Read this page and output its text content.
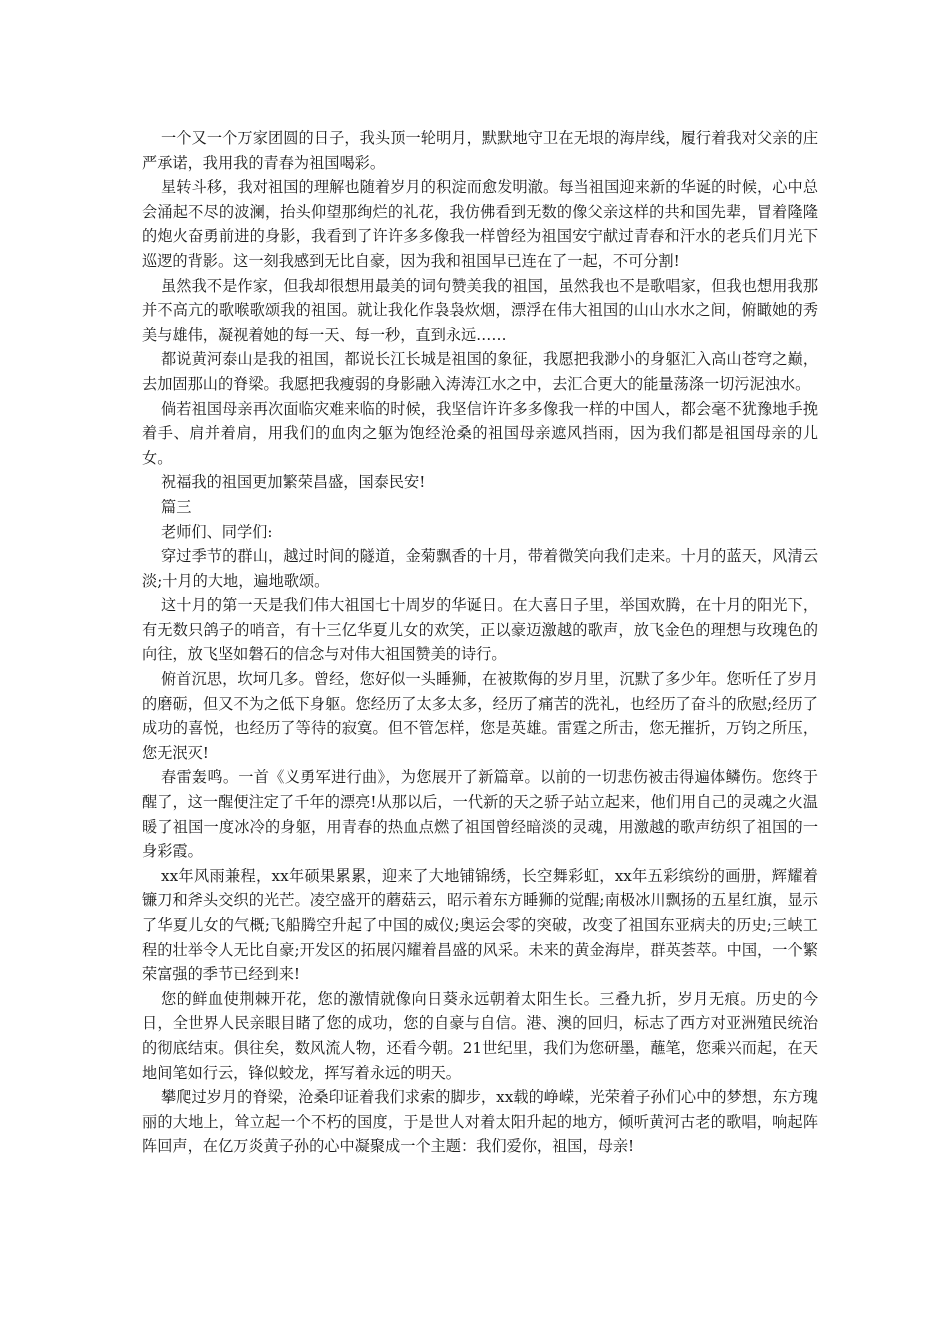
一个又一个万家团圆的日子，我头顶一轮明月，默默地守卫在无垠的海岸线，履行着我对父亲的庄严承诺，我用我的青春为祖国喝彩。

星转斗移，我对祖国的理解也随着岁月的积淀而愈发明澈。每当祖国迎来新的华诞的时候，心中总会涌起不尽的波澜，抬头仰望那绚烂的礼花，我仿佛看到无数的像父亲这样的共和国先辈，冒着隆隆的炮火奋勇前进的身影，我看到了许许多多像我一样曾经为祖国安宁献过青春和汗水的老兵们月光下巡逻的背影。这一刻我感到无比自豪，因为我和祖国早已连在了一起，不可分割!

虽然我不是作家，但我却很想用最美的词句赞美我的祖国，虽然我也不是歌唱家，但我也想用我那并不高亢的歌喉歌颂我的祖国。就让我化作袅袅炊烟，漂浮在伟大祖国的山山水水之间，俯瞰她的秀美与雄伟，凝视着她的每一天、每一秒，直到永远……

都说黄河泰山是我的祖国，都说长江长城是祖国的象征，我愿把我渺小的身躯汇入高山苍穹之巅，去加固那山的脊梁。我愿把我瘦弱的身影融入涛涛江水之中，去汇合更大的能量荡涤一切污泥浊水。

倘若祖国母亲再次面临灾难来临的时候，我坚信许许多多像我一样的中国人，都会毫不犹豫地手挽着手、肩并着肩，用我们的血肉之躯为饱经沧桑的祖国母亲遮风挡雨，因为我们都是祖国母亲的儿女。

祝福我的祖国更加繁荣昌盛，国泰民安!

篇三

老师们、同学们:

穿过季节的群山，越过时间的隧道，金菊飘香的十月，带着微笑向我们走来。十月的蓝天，风清云淡;十月的大地，遍地歌颂。

这十月的第一天是我们伟大祖国七十周岁的华诞日。在大喜日子里，举国欢腾，在十月的阳光下，有无数只鸽子的哨音，有十三亿华夏儿女的欢笑，正以豪迈激越的歌声，放飞金色的理想与玫瑰色的向往，放飞坚如磐石的信念与对伟大祖国赞美的诗行。

俯首沉思，坎坷几多。曾经，您好似一头睡狮，在被欺侮的岁月里，沉默了多少年。您听任了岁月的磨砺，但又不为之低下身躯。您经历了太多太多，经历了痛苦的洗礼，也经历了奋斗的欣慰;经历了成功的喜悦，也经历了等待的寂寞。但不管怎样，您是英雄。雷霆之所击，您无摧折，万钧之所压，您无泯灭!

春雷轰鸣。一首《义勇军进行曲》，为您展开了新篇章。以前的一切悲伤被击得遍体鳞伤。您终于醒了，这一醒便注定了千年的漂亮!从那以后，一代新的天之骄子站立起来，他们用自己的灵魂之火温暖了祖国一度冰冷的身躯，用青春的热血点燃了祖国曾经暗淡的灵魂，用激越的歌声纺织了祖国的一身彩霞。

xx年风雨兼程，xx年硕果累累，迎来了大地铺锦绣，长空舞彩虹，xx年五彩缤纷的画册，辉耀着镰刀和斧头交织的光芒。凌空盛开的蘑菇云，昭示着东方睡狮的觉醒;南极冰川飘扬的五星红旗，显示了华夏儿女的气概;飞船腾空升起了中国的威仪;奥运会零的突破，改变了祖国东亚病夫的历史;三峡工程的壮举令人无比自豪;开发区的拓展闪耀着昌盛的风采。未来的黄金海岸，群英荟萃。中国，一个繁荣富强的季节已经到来!

您的鲜血使荆棘开花，您的激情就像向日葵永远朝着太阳生长。三叠九折，岁月无痕。历史的今日，全世界人民亲眼目睹了您的成功，您的自豪与自信。港、澳的回归，标志了西方对亚洲殖民统治的彻底结束。俱往矣，数风流人物，还看今朝。21世纪里，我们为您研墨，蘸笔，您乘兴而起，在天地间笔如行云，锋似蛟龙，挥写着永远的明天。

攀爬过岁月的脊梁，沧桑印证着我们求索的脚步，xx载的峥嵘，光荣着子孙们心中的梦想，东方瑰丽的大地上，耸立起一个不朽的国度，于是世人对着太阳升起的地方，倾听黄河古老的歌唱，响起阵阵回声，在亿万炎黄子孙的心中凝聚成一个主题：我们爱你，祖国，母亲!
